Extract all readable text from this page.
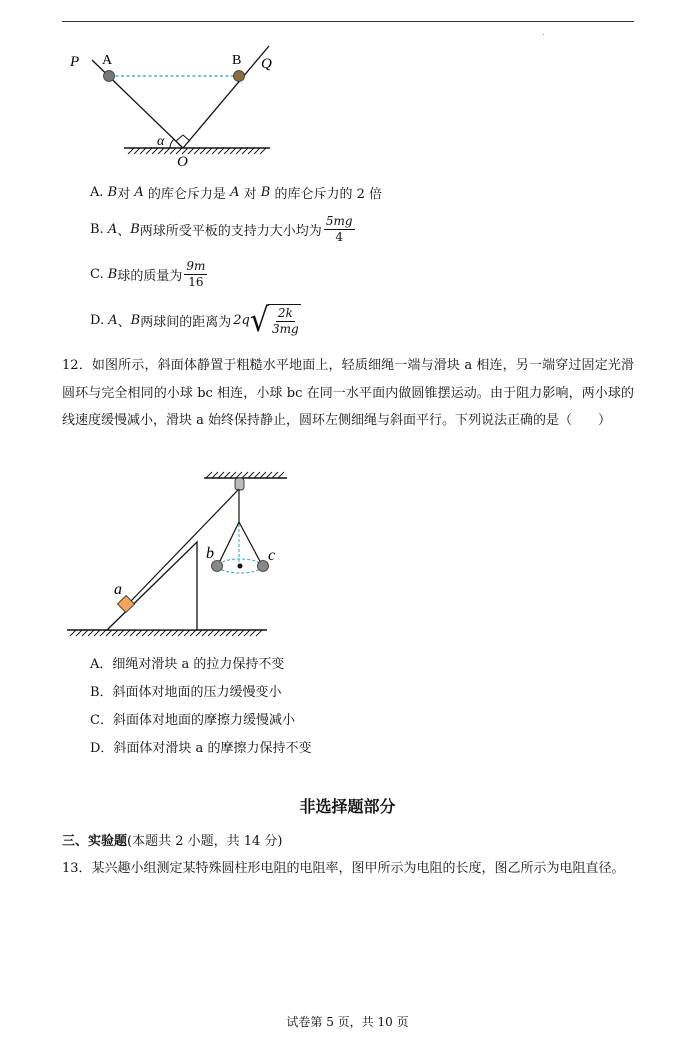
P A	B Q
α
O
A.
B 对
A
的库仑斥力是
A
对
B
的库仑斥力的 2 倍
B.
A 、 B 两球所受平板的支持力大小均为 $\frac{5mg}{4}$
C.
B 球的质量为 $\frac{9m}{16}$
D.
A 、 B 两球间的距离为 2q √ $\frac{2k}{3mg}$
12．如图所示，斜面体静置于粗糙水平地面上，轻质细绳一端与滑块 a 相连，另一端穿过固定光滑圆环与完全相同的小球 bc 相连，小球 bc 在同一水平面内做圆锥摆运动。由于阻力影响，两小球的线速度缓慢减小，滑块 a 始终保持静止，圆环左侧细绳与斜面平行。下列说法正确的是（　　）
a
b	c
A．细绳对滑块 a 的拉力保持不变
B．斜面体对地面的压力缓慢变小
C．斜面体对地面的摩擦力缓慢减小
D．斜面体对滑块 a 的摩擦力保持不变
非选择题部分
三、实验题(本题共 2 小题，共 14 分)
13．某兴趣小组测定某特殊圆柱形电阻的电阻率，图甲所示为电阻的长度，图乙所示为电阻直径。
试卷第 5 页，共 10 页
